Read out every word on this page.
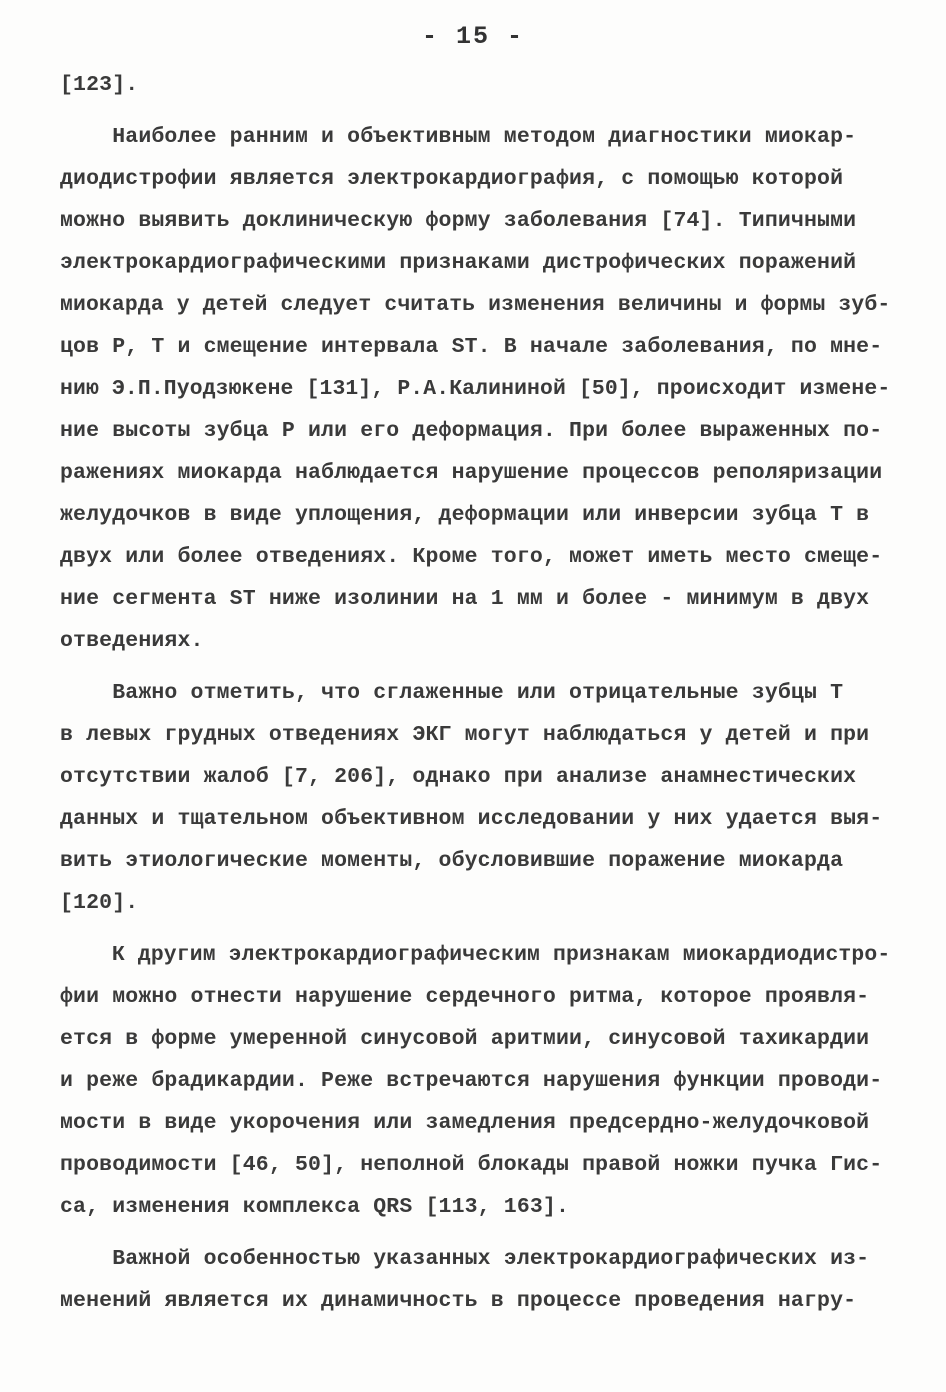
- 15 -
[123].
Наиболее ранним и объективным методом диагностики миокар-
диодистрофии является электрокардиография, с помощью которой
можно выявить доклиническую форму заболевания [74]. Типичными
электрокардиографическими признаками дистрофических поражений
миокарда у детей следует считать изменения величины и формы зуб-
цов P, T и смещение интервала ST. В начале заболевания, по мне-
нию Э.П.Пуодзюкене [131], Р.А.Калининой [50], происходит измене-
ние высоты зубца P или его деформация. При более выраженных по-
ражениях миокарда наблюдается нарушение процессов реполяризации
желудочков в виде уплощения, деформации или инверсии зубца T в
двух или более отведениях. Кроме того, может иметь место смеще-
ние сегмента ST ниже изолинии на 1 мм и более - минимум в двух
отведениях.
Важно отметить, что сглаженные или отрицательные зубцы T
в левых грудных отведениях ЭКГ могут наблюдаться у детей и при
отсутствии жалоб [7, 206], однако при анализе анамнестических
данных и тщательном объективном исследовании у них удается выя-
вить этиологические моменты, обусловившие поражение миокарда
[120].
К другим электрокардиографическим признакам миокардиодистро-
фии можно отнести нарушение сердечного ритма, которое проявля-
ется в форме умеренной синусовой аритмии, синусовой тахикардии
и реже брадикардии. Реже встречаются нарушения функции проводи-
мости в виде укорочения или замедления предсердно-желудочковой
проводимости [46, 50], неполной блокады правой ножки пучка Гис-
са, изменения комплекса QRS [113, 163].
Важной особенностью указанных электрокардиографических из-
менений является их динамичность в процессе проведения нагру-
